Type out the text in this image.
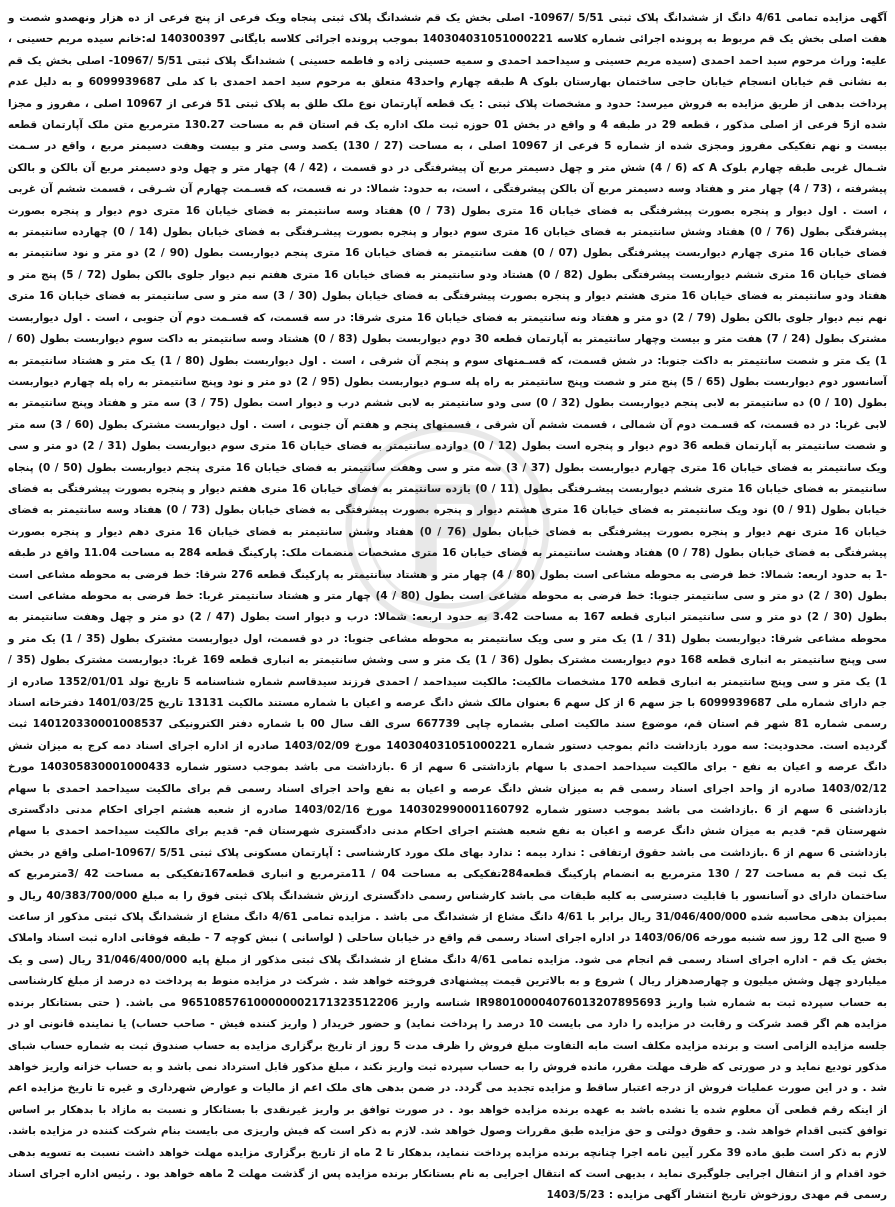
آگهی مزایده تمامی 4/61 دانگ از ششدانگ پلاک ثبتی 5/51 /10967- اصلی بخش یک قم ششدانگ پلاک ثبتی پنجاه ویک فرعی از پنج فرعی از ده هزار ونهصدو شصت و هفت اصلی بخش یک قم مربوط به پرونده اجرائی شماره کلاسه 140304031051000221 بموجب پرونده اجرائی کلاسه بایگانی 140300397 له:خانم سیده مریم حسینی ، علیه: وراث مرحوم سید احمد احمدی (سیده مریم حسینی و سیداحمد احمدی و سمیه حسینی زاده و فاطمه حسینی ) ششدانگ پلاک ثبتی 5/51 /10967- اصلی بخش یک قم به نشانی قم خیابان انسجام خیابان حاجی ساختمان بهارستان بلوک A طبقه چهارم واحد43 متعلق به مرحوم سید احمد احمدی با کد ملی 6099939687 و به دلیل عدم پرداخت بدهی از طریق مزایده به فروش میرسد: حدود و مشخصات پلاک ثبتی : یک قطعه آپارتمان نوع ملک طلق به پلاک ثبتی 51 فرعی از 10967 اصلی ، مفروز و مجزا شده از5 فرعی از اصلی مذکور ، قطعه 29 در طبقه 4 و واقع در بخش 01 حوزه ثبت ملک اداره یک قم استان قم به مساحت 130.27 مترمربع متن ملک آپارتمان قطعه بیست و نهم تفکیکی مفروز ومجزی شده از شماره 5 فرعی از 10967 اصلی ، به مساحت (27 / 130) یکصد وسی متر و بیست وهفت دسیمتر مربع ، واقع در سـمت شـمال غربی طبقه چهارم بلوک A که (6 / 4) شش متر و چهل دسیمتر مربع آن پیشرفتگی در دو قسمت ، (42 / 4) چهار متر و چهل ودو دسیمتر مربع آن بالکن و بالکن پیشرفته ، (73 / 4) چهار متر و هفتاد وسه دسیمتر مربع آن بالکن پیشرفتگی ، است، به حدود: شمالا: در نه قسمت، که قسـمت چهارم آن شـرقی ، قسمت ششم آن غربی ، است . اول دیوار و پنجره بصورت پیشرفتگی به فضای خیابان 16 متری بطول (73 / 0) هفتاد وسه سانتیمتر به فضای خیابان 16 متری دوم دیوار و پنجره بصورت پیشرفتگی بطول (76 / 0) هفتاد وشش سانتیمتر به فضای خیابان 16 متری سوم دیوار و پنجره بصورت پیشـرفتگی به فضای خیابان بطول (14 / 0) چهارده سانتیمتر به فضای خیابان 16 متری چهارم دیواربست پیشرفتگی بطول (07 / 0) هفت سانتیمتر به فضای خیابان 16 متری پنجم دیواربست بطول (90 / 2) دو متر و نود سانتیمتر به فضای خیابان 16 متری ششم دیواربست پیشرفتگی بطول (82 / 0) هشتاد ودو سانتیمتر به فضای خیابان 16 متری هفتم نیم دیوار جلوی بالکن بطول (72 / 5) پنج متر و هفتاد ودو سانتیمتر به فضای خیابان 16 متری هشتم دیوار و پنجره بصورت پیشرفتگی به فضای خیابان بطول (30 / 3) سه متر و سی سانتیمتر به فضای خیابان 16 متری نهم نیم دیوار جلوی بالکن بطول (79 / 2) دو متر و هفتاد ونه سانتیمتر به فضای خیابان 16 متری شرقا: در سه قسمت، که قسـمت دوم آن جنوبی ، است . اول دیواربست مشترک بطول (24 / 7) هفت متر و بیست وچهار سانتیمتر به آپارتمان قطعه 30 دوم دیواربست بطول (83 / 0) هشتاد وسه سانتیمتر به داکت سوم دیواربست بطول (60 / 1) یک متر و شصت سانتیمتر به داکت جنوبا: در شش قسمت، که قسـمتهای سوم و پنجم آن شرقی ، است . اول دیواربست بطول (80 / 1) یک متر و هشتاد سانتیمتر به آسانسور دوم دیواربست بطول (65 / 5) پنج متر و شصت وپنج سانتیمتر به راه پله سـوم دیواربست بطول (95 / 2) دو متر و نود وپنج سانتیمتر به راه پله چهارم دیواربست بطول (10 / 0) ده سانتیمتر به لابی پنجم دیواربست بطول (32 / 0) سی ودو سانتیمتر به لابی ششم درب و دیوار است بطول (75 / 3) سه متر و هفتاد وپنج سانتیمتر به لابی غربا: در ده قسمت، که قسـمت دوم آن شمالی ، قسمت ششم آن شرقی ، قسمتهای پنجم و هفتم آن جنوبی ، است . اول دیواربست مشترک بطول (60 / 3) سه متر و شصت سانتیمتر به آپارتمان قطعه 36 دوم دیوار و پنجره است بطول (12 / 0) دوازده سانتیمتر به فضای خیابان 16 متری سوم دیواربست بطول (31 / 2) دو متر و سی ویک سانتیمتر به فضای خیابان 16 متری چهارم دیواربست بطول (37 / 3) سه متر و سی وهفت سانتیمتر به فضای خیابان 16 متری پنجم دیواربست بطول (50 / 0) پنجاه سانتیمتر به فضای خیابان 16 متری ششم دیواربست پیشـرفتگی بطول (11 / 0) یازده سانتیمتر به فضای خیابان 16 متری هفتم دیوار و پنجره بصورت پیشرفتگی به فضای خیابان بطول (91 / 0) نود ویک سانتیمتر به فضای خیابان 16 متری هشتم دیوار و پنجره بصورت پیشرفتگی به فضای خیابان بطول (73 / 0) هفتاد وسه سانتیمتر به فضای خیابان 16 متری نهم دیوار و پنجره بصورت پیشرفتگی به فضای خیابان بطول (76 / 0) هفتاد وشش سانتیمتر به فضای خیابان 16 متری دهم دیوار و پنجره بصورت پیشرفتگی به فضای خیابان بطول (78 / 0) هفتاد وهشت سانتیمتر به فضای خیابان 16 متری مشخصات منضمات ملک: پارکینگ قطعه 284 به مساحت 11.04 واقع در طبقه -1 به حدود اربعه: شمالا: خط فرضی به محوطه مشاعی است بطول (80 / 4) چهار متر و هشتاد سانتیمتر به پارکینگ قطعه 276 شرقا: خط فرضی به محوطه مشاعی است بطول (30 / 2) دو متر و سی سانتیمتر جنوبا: خط فرضی به محوطه مشاعی است بطول (80 / 4) چهار متر و هشتاد سانتیمتر غربا: خط فرضی به محوطه مشاعی است بطول (30 / 2) دو متر و سی سانتیمتر انباری قطعه 167 به مساحت 3.42 به حدود اربعه: شمالا: درب و دیوار است بطول (47 / 2) دو متر و چهل وهفت سانتیمتر به محوطه مشاعی شرقا: دیواربست بطول (31 / 1) یک متر و سی ویک سانتیمتر به محوطه مشاعی جنوبا: در دو قسمت، اول دیواربست مشترک بطول (35 / 1) یک متر و سی وپنج سانتیمتر به انباری قطعه 168 دوم دیواربست مشترک بطول (36 / 1) یک متر و سی وشش سانتیمتر به انباری قطعه 169 غربا: دیواربست مشترک بطول (35 / 1) یک متر و سی وپنج سانتیمتر به انباری قطعه 170 مشخصات مالکیت: مالکیت سیداحمد / احمدی فرزند سیدقاسم شماره شناسنامه 5 تاریخ تولد 1352/01/01 صادره از جم دارای شماره ملی 6099939687 با جز سهم 6 از کل سهم 6 بعنوان مالک شش دانگ عرصه و اعیان با شماره مستند مالکیت 13131 تاریخ 1401/03/25 دفترخانه اسناد رسمی شماره 81 شهر قم استان قم، موضوع سند مالکیت اصلی بشماره چاپی 667739 سری الف سال 00 با شماره دفتر الکترونیکی 140120330001008537 ثبت گردیده است. محدودیت: سه مورد بازداشت دائم بموجب دستور شماره 140304031051000221 مورخ 1403/02/09 صادره از اداره اجرای اسناد دمه کرج به میزان شش دانگ عرصه و اعیان به نفع - برای مالکیت سیداحمد احمدی با سهام بازداشتی 6 سهم از 6 .بازداشت می باشد بموجب دستور شماره 140305830001000433 مورخ 1403/02/12 صادره از واحد اجرای اسناد رسمی قم به میزان شش دانگ عرصه و اعیان به نفع واحد اجرای اسناد رسمی قم برای مالکیت سیداحمد احمدی با سهام بازداشتی 6 سهم از 6 .بازداشت می باشد بموجب دستور شماره 140302990001160792 مورخ 1403/02/16 صادره از شعبه هشتم اجرای احکام مدنی دادگستری شهرستان قم- قدیم به میزان شش دانگ عرصه و اعیان به نفع شعبه هشتم اجرای احکام مدنی دادگستری شهرستان قم- قدیم برای مالکیت سیداحمد احمدی با سهام بازداشتی 6 سهم از 6 .بازداشت می باشد حقوق ارتفاقی : ندارد بیمه : ندارد بهای ملک مورد کارشناسی : آپارتمان مسکونی پلاک ثبتی 5/51 /10967-اصلی واقع در بخش یک ثبت قم به مساحت 27 / 130 مترمربع به انضمام پارکینگ قطعه284تفکیکی به مساحت 04 / 11مترمربع و انباری قطعه167تفکیکی به مساحت 42 /3مترمربع که ساختمان دارای دو آسانسور با قابلیت دسترسی به کلیه طبقات می باشد کارشناس رسمی دادگستری ارزش ششدانگ پلاک ثبتی فوق را به مبلغ 40/383/700/000 ریال و بمیزان بدهی محاسبه شده 31/046/400/000 ریال برابر با 4/61 دانگ مشاع از ششدانگ می باشد . مزایده تمامی 4/61 دانگ مشاع از ششدانگ پلاک ثبتی مذکور از ساعت 9 صبح الی 12 روز سه شنبه مورخه 1403/06/06 در اداره اجرای اسناد رسمی قم واقع در خیابان ساحلی ( لواسانی ) نبش کوچه 7 - طبقه فوقانی اداره ثبت اسناد واملاک بخش یک قم - اداره اجرای اسناد رسمی قم انجام می شود. مزایده تمامی 4/61 دانگ مشاع از ششدانگ پلاک ثبتی مذکور از مبلغ پایه 31/046/400/000 ریال (سی و یک میلیاردو چهل وشش میلیون و چهارصدهزار ریال ) شروع و به بالاترین قیمت پیشنهادی فروخته خواهد شد . شرکت در مزایده منوط به پرداخت ده درصد از مبلغ کارشناسی به حساب سپرده ثبت به شماره شبا واریز IR980100004076013207895693 شناسه واریز 965108576100000002171323512206 می باشد. ( حتی بستانکار برنده مزایده هم اگر قصد شرکت و رقابت در مزایده را دارد می بایست 10 درصد را پرداخت نماید) و حضور خریدار ( واریز کننده فیش - صاحب حساب) یا نماینده قانونی او در جلسه مزایده الزامی است و برنده مزایده مکلف است مابه التفاوت مبلغ فروش را ظرف مدت 5 روز از تاریخ برگزاری مزایده به حساب صندوق ثبت به شماره حساب شبای مذکور تودیع نماید و در صورتی که ظرف مهلت مقرر، مانده فروش را به حساب سپرده ثبت واریز نکند ، مبلغ مذکور قابل استرداد نمی باشد و به حساب خزانه واریز خواهد شد . و در این صورت عملیات فروش از درجه اعتبار ساقط و مزایده تجدید می گردد. در ضمن بدهی های ملک اعم از مالیات و عوارض شهرداری و غیره تا تاریخ مزایده اعم از اینکه رقم قطعی آن معلوم شده یا نشده باشد به عهده برنده مزایده خواهد بود . در صورت توافق بر واریز غیرنقدی با بستانکار و نسبت به مازاد با بدهکار بر اساس توافق کتبی اقدام خواهد شد. و حقوق دولتی و حق مزایده طبق مقررات وصول خواهد شد. لازم به ذکر است که فیش واریزی می بایست بنام شرکت کننده در مزایده باشد. لازم به ذکر است طبق ماده 39 مکرر آیین نامه اجرا چنانچه برنده مزایده پرداخت ننماید، بدهکار تا 2 ماه از تاریخ برگزاری مزایده مهلت خواهد داشت نسبت به تسویه بدهی خود اقدام و از انتقال اجرایی جلوگیری نماید ، بدیهی است که انتقال اجرایی به نام بستانکار برنده مزایده پس از گذشت مهلت 2 ماهه خواهد بود . رئیس اداره اجرای اسناد رسمی قم مهدی روزخوش تاریخ انتشار آگهی مزایده : 1403/5/23
